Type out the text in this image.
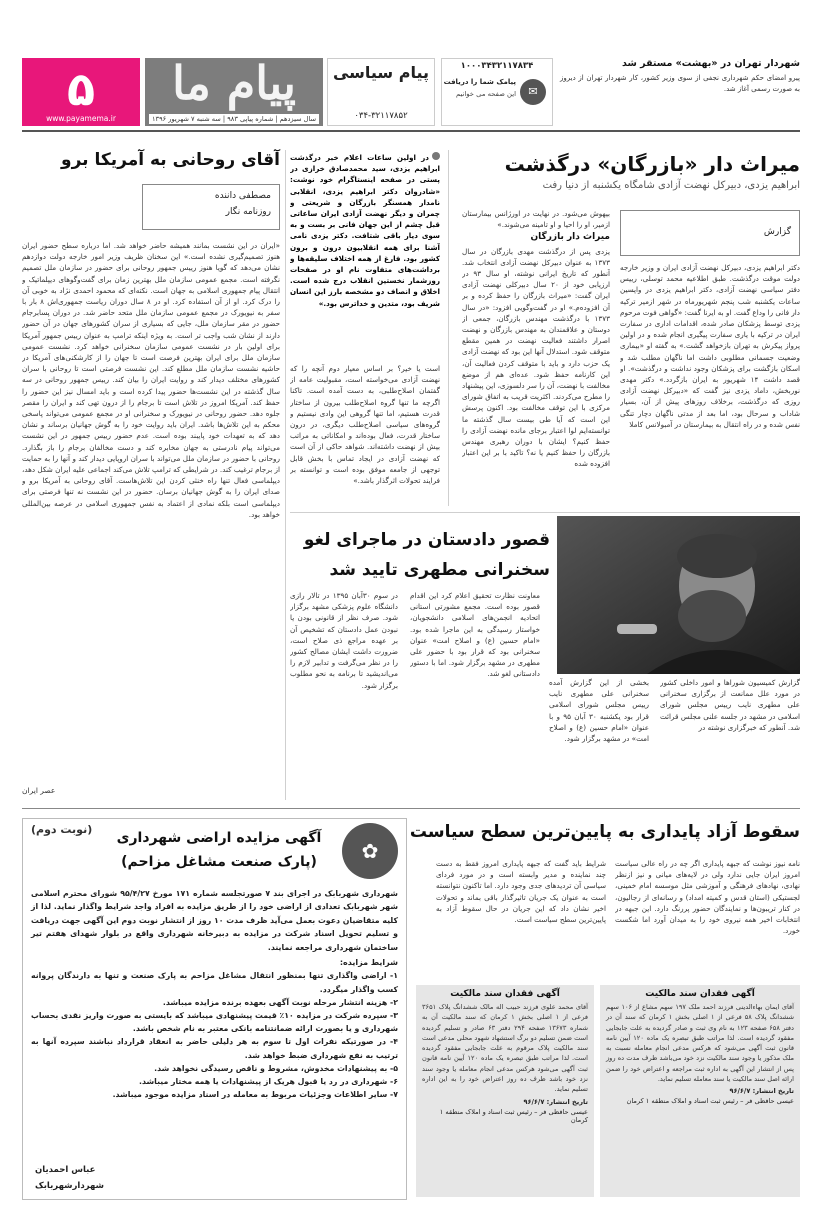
۵
www.payamema.ir
پیام ما
سال سیزدهم | شماره پیاپی ۹۸۳ | سه شنبه ۷ شهریور ۱۳۹۶
پیام سیاسی
۰۳۴-۳۲۱۱۷۸۵۲
۱۰۰۰۳۴۳۲۱۱۷۸۳۴
✉
پیامک شما را دریافت
این صفحه می خوانیم
شهردار تهران در «بهشت» مستقر شد
پیرو امضای حکم شهرداری نجفی از سوی وزیر کشور، کار شهردار تهران از دیروز به صورت رسمی آغاز شد.
میراث دار «بازرگان» درگذشت
ابراهیم یزدی، دبیرکل نهضت آزادی شامگاه یکشنبه از دنیا رفت
گزارش
دکتر ابراهیم یزدی، دبیرکل نهضت آزادی ایران و وزیر خارجه دولت موقت درگذشت. طبق اطلاعیه محمد توسلی، رییس دفتر سیاسی نهضت آزادی، دکتر ابراهیم یزدی در واپسین ساعات یکشنبه شب پنجم شهریورماه در شهر ازمیر ترکیه دار فانی را وداع گفت. او به ایرنا گفت: «گواهی فوت مرحوم یزدی توسط پزشکان صادر شده، اقدامات اداری در سفارت ایران در ترکیه با یاری سفارت پیگیری انجام شده و در اولین پرواز پیکرش به تهران بازخواهد گشت.» به گفته او «بیماری وضعیت جسمانی مطلوبی داشت اما ناگهان مطلب شد و اسکان بازگشت برای پزشکان وجود نداشت و درگذشت». او قصد داشت ۱۴ شهریور به ایران بازگردد.» دکتر مهدی نوربخش، داماد یزدی نیز گفت که «دبیرکل نهضت آزادی روزی که درگذشت، برخلاف روزهای پیش از آن، بسیار شاداب و سرحال بود، اما بعد از مدتی ناگهان دچار تنگی نفس شده و در راه انتقال به بیمارستان در آمبولانس کاملا
بیهوش می‌شود. در نهایت در اورژانس بیمارستان ازمیر، او را احیا و او تامینه می‌شوند.»
میراث دار بازرگان
یزدی پس از درگذشت مهدی بازرگان در سال ۱۳۷۳ به عنوان دبیرکل نهضت آزادی انتخاب شد. آنطور که تاریخ ایرانی نوشته، او سال ۹۳ در ارزیابی خود از ۲۰ سال دبیرکلی نهضت آزادی ایران گفت: «میراث بازرگان را حفظ کرده و بر آن افزوده‌م.» او در گفت‌وگویی افزود: «در سال ۱۳۷۳ با درگذشت مهندس بازرگان، جمعی از دوستان و علاقمندان به مهندس بازرگان و نهضت اصرار داشتند فعالیت نهضت در همین مقطع متوقف شود. استدلال آنها این بود که نهضت آزادی یک حزب دارد و باید با متوقف کردن فعالیت آن، این کارنامه حفظ شود. عده‌ای هم از موضع مخالفت با نهضت، آن را سر دلسوزی، این پیشنهاد را مطرح می‌کردند. اکثریت قریب به اتفاق شورای مرکزی با این توقف مخالفت بود. اکنون پرسش این است که آیا طی بیست سال گذشته ما توانسته‌ایم لوا اعتبار برجای مانده نهضت آزادی را حفظ کنیم؟ ایشان با دوران رهبری مهندس بازرگان را حفظ کنیم یا نه؟ تاکید با بر این اعتبار افزوده شده
در اولین ساعات اعلام خبر درگذشت ابراهیم یزدی، سید محمدصادق خرازی در پستی در صفحه اینستاگرام خود نوشت: «شادروان دکتر ابراهیم یزدی، انقلابی نامدار همسنگر بازرگان و شریعتی و چمران و دیگر نهضت آزادی ایران ساعاتی قبل چشم از این جهان فانی بر بست و به سوی دیار باقی شتافت. دکتر یزدی نامی آشنا برای همه انقلابیون درون و برون کشور بود. فارغ از همه اختلاف سلیقه‌ها و برداشت‌های متفاوت نام او در صفحات روزشمار نخستین انقلاب درج شده است. اخلاق و انصاف دو مشخصه بارز این انسان شریف بود، متدین و خداترس بود.»
است یا خیر؟ بر اساس معیار دوم آنچه را که نهضت آزادی می‌خواسته است، مقبولیت عامه از گفتمان اصلاح‌طلبی، به دست آمده است. تاکنا اگرچه ما تنها گروه اصلاح‌طلب بیرون از ساختار قدرت هستیم، اما تنها گروهی این وادی نیستیم و گروه‌های سیاسی اصلاح‌طلب دیگری، در درون ساختار قدرت، فعال بوده‌اند و امکاناتی به مراتب بیش از نهضت داشته‌اند. شواهد حاکی از آن است که نهضت آزادی در ایجاد تماس با بخش قابل توجهی از جامعه موفق بوده است و توانسته بر فرایند تحولات اثرگذار باشد.»
آقای روحانی به آمریکا برو
مصطفی داننده
روزنامه نگار
«ایران در این نشست بمانند همیشه حاضر خواهد شد. اما درباره سطح حضور ایران هنوز تصمیم‌گیری نشده است.» این سخنان ظریف وزیر امور خارجه دولت دوازدهم نشان می‌دهد که گویا هنوز رییس جمهور روحانی برای حضور در سازمان ملل تصمیم نگرفته است. مجمع عمومی سازمان ملل بهترین زمان برای گفت‌وگوهای دیپلماتیک و انتقال پیام جمهوری اسلامی به جهان است. نکته‌ای که محمود احمدی نژاد به خوبی آن را درک کرد. او از آن استفاده کرد. او در ۸ سال دوران ریاست جمهوری‌اش ۸ بار با سفر به نیویورک در مجمع عمومی سازمان ملل متحد حاضر شد. در دوران پسابرجام حضور در مقر سازمان ملل، جایی که بسیاری از سران کشورهای جهان در آن حضور دارند از نشان شب واجب تر است. به ویژه اینکه ترامپ به عنوان رییس جمهور آمریکا برای اولین بار در نشست عمومی سازمان سخنرانی خواهد کرد. نشست عمومی سازمان ملل برای ایران بهترین فرصت است تا جهان را از کارشکنی‌های آمریکا در حاشیه نشست سازمان ملل مطلع کند. این نشست فرصتی است تا روحانی با سران کشورهای مختلف دیدار کند و روایت ایران را بیان کند. رییس جمهور روحانی در سه سال گذشته در این نشست‌ها حضور پیدا کرده است و باید امسال نیز این حضور را حفظ کند. آمریکا امروز در تلاش است تا برجام را از درون تهی کند و ایران را مقصر جلوه دهد. حضور روحانی در نیویورک و سخنرانی او در مجمع عمومی می‌تواند پاسخی محکم به این تلاش‌ها باشد. ایران باید روایت خود را به گوش جهانیان برساند و نشان دهد که به تعهدات خود پایبند بوده است. عدم حضور رییس جمهور در این نشست می‌تواند پیام نادرستی به جهان مخابره کند و دست مخالفان برجام را باز بگذارد. روحانی با حضور در سازمان ملل می‌تواند با سران اروپایی دیدار کند و آنها را به حمایت از برجام ترغیب کند. در شرایطی که ترامپ تلاش می‌کند اجماعی علیه ایران شکل دهد، دیپلماسی فعال تنها راه خنثی کردن این تلاش‌هاست. آقای روحانی به آمریکا برو و صدای ایران را به گوش جهانیان برسان. حضور در این نشست نه تنها فرصتی برای دیپلماسی است بلکه نمادی از اعتماد به نفس جمهوری اسلامی در عرصه بین‌المللی خواهد بود.
عصر ایران
قصور دادستان در ماجرای لغو
سخنرانی مطهری تایید شد
در سوم ۳۰آبان ۱۳۹۵ در تالار رازی دانشگاه علوم پزشکی مشهد برگزار شود. صرف نظر از قانونی بودن یا نبودن عمل دادستان که تشخیص آن بر عهده مراجع ذی صلاح است، ضرورت داشت ایشان مصالح کشور را در نظر می‌گرفت و تدابیر لازم را می‌اندیشید تا برنامه به نحو مطلوب برگزار شود.
معاونت نظارت تحقیق اعلام کرد این اقدام قصور بوده است. مجمع مشورتی استانی اتحادیه انجمن‌های اسلامی دانشجویان، خواستار رسیدگی به این ماجرا شده بود. «امام حسین (ع) و اصلاح امت» عنوان سخنرانی بود که قرار بود با حضور علی مطهری در مشهد برگزار شود. اما با دستور دادستانی لغو شد.
بخشی از این گزارش آمده سخنرانی علی مطهری نایب رییس مجلس شورای اسلامی قرار بود یکشنبه ۳۰ آبان ۹۵ و با عنوان «امام حسین (ع) و اصلاح امت» در مشهد برگزار شود.
گزارش کمیسیون شوراها و امور داخلی کشور در مورد علل ممانعت از برگزاری سخنرانی علی مطهری نایب رییس مجلس شورای اسلامی در مشهد در جلسه علنی مجلس قرائت شد. آنطور که خبرگزاری نوشته در
سقوط آزاد پایداری به پایین‌ترین سطح سیاست
نامه نیوز نوشت که جبهه پایداری اگر چه در راه عالی سیاست امروز ایران جایی ندارد ولی در لایه‌های میانی و نیز ازنظر نهادی، نهادهای فرهنگی و آموزشی مثل موسسه امام خمینی، لجستیکی (استان قدس و کمیته امداد) و رسانه‌ای از رجالیون، در کنار تریبون‌ها و نمایندگان حضور پررنگ دارد. این جبهه در انتخابات اخیر همه نیروی خود را به میدان آورد اما شکست خورد.
شرایط باید گفت که جبهه پایداری امروز فقط به دست چند نماینده و مدیر وابسته است و در مورد فردای سیاسی آن تردیدهای جدی وجود دارد. اما تاکنون نتوانسته است به عنوان یک جریان تاثیرگذار باقی بماند و تحولات اخیر نشان داد که این جریان در حال سقوط آزاد به پایین‌ترین سطح سیاست است.
آگهی فقدان سند مالکیت
آقای ایمان بهاءالدینی فرزند احمد ملک ۱۹۷ سهم مشاع از ۱۰۶ سهم ششدانگ پلاک ۵۸ فرعی از ۱ اصلی بخش ۱ کرمان که سند آن در دفتر ۶۵۸ صفحه ۱۲۳ به نام وی ثبت و صادر گردیده به علت جابجایی مفقود گردیده است. لذا مراتب طبق تبصره یک ماده ۱۲۰ آیین نامه قانون ثبت آگهی می‌شود که هرکس مدعی انجام معامله نسبت به ملک مذکور یا وجود سند مالکیت نزد خود می‌باشد ظرف مدت ده روز پس از انتشار این آگهی به اداره ثبت مراجعه و اعتراض خود را ضمن ارائه اصل سند مالکیت یا سند معامله تسلیم نماید.
تاریخ انتشار: ۹۶/۶/۷
عیسی حافظی فر – رئیس ثبت اسناد و املاک منطقه ۱ کرمان
آگهی فقدان سند مالکیت
آقای محمد علوی فرزند حبیب اله مالک ششدانگ پلاک ۳۶۵۱ فرعی از ۱ اصلی بخش ۱ کرمان که سند مالکیت آن به شماره ۱۳۶۷۳ صفحه ۲۹۴ دفتر ۶۳ صادر و تسلیم گردیده است ضمن تسلیم دو برگ استشهاد شهود محلی مدعی است سند مالکیت پلاک مرقوم به علت جابجایی مفقود گردیده است. لذا مراتب طبق تبصره یک ماده ۱۲۰ آیین نامه قانون ثبت آگهی می‌شود هرکس مدعی انجام معامله یا وجود سند نزد خود باشد ظرف ده روز اعتراض خود را به این اداره تسلیم نماید.
تاریخ انتشار: ۹۶/۶/۷
عیسی حافظی فر – رئیس ثبت اسناد و املاک منطقه ۱ کرمان
(نوبت دوم)
✿
آگهی مزایده اراضی شهرداری
(پارک صنعت مشاغل مزاحم)
شهرداری شهربابک در اجرای بند ۷ صورتجلسه شماره ۱۷۱ مورخ ۹۵/۴/۲۷ شورای محترم اسلامی شهر شهربابک تعدادی از اراضی خود را از طریق مزایده به افراد واجد شرایط واگذار نماید. لذا از کلیه متقاضیان دعوت بعمل می‌آید ظرف مدت ۱۰ روز از انتشار نوبت دوم این آگهی جهت دریافت و تسلیم تحویل اسناد شرکت در مزایده به دبیرخانه شهرداری واقع در بلوار شهدای هفتم تیر ساختمان شهرداری مراجعه نمایند.
شرایط مزایده:
۱- اراضی واگذاری تنها بمنظور انتقال مشاغل مزاحم به پارک صنعت و تنها به دارندگان پروانه کسب واگذار میگردد.
۲- هزینه انتشار مرحله نوبت آگهی بعهده برنده مزایده میباشد.
۳- سپرده شرکت در مزایده ۱۰٪ قیمت پیشنهادی میباشد که بایستی به صورت واریز نقدی بحساب شهرداری و یا بصورت ارائه ضمانتنامه بانکی معتبر به نام شخص باشد.
۴- در صورتیکه نفرات اول تا سوم به هر دلیلی حاضر به انعقاد قرارداد نباشند سپرده آنها به ترتیب به نفع شهرداری ضبط خواهد شد.
۵- به پیشنهادات مخدوش، مشروط و ناقص رسیدگی نخواهد شد.
۶- شهرداری در رد یا قبول هریک از پیشنهادات یا همه مختار میباشد.
۷- سایر اطلاعات وجزئیات مربوط به معامله در اسناد مزایده موجود میباشد.
عباس احمدیان
شهردارشهربابک
